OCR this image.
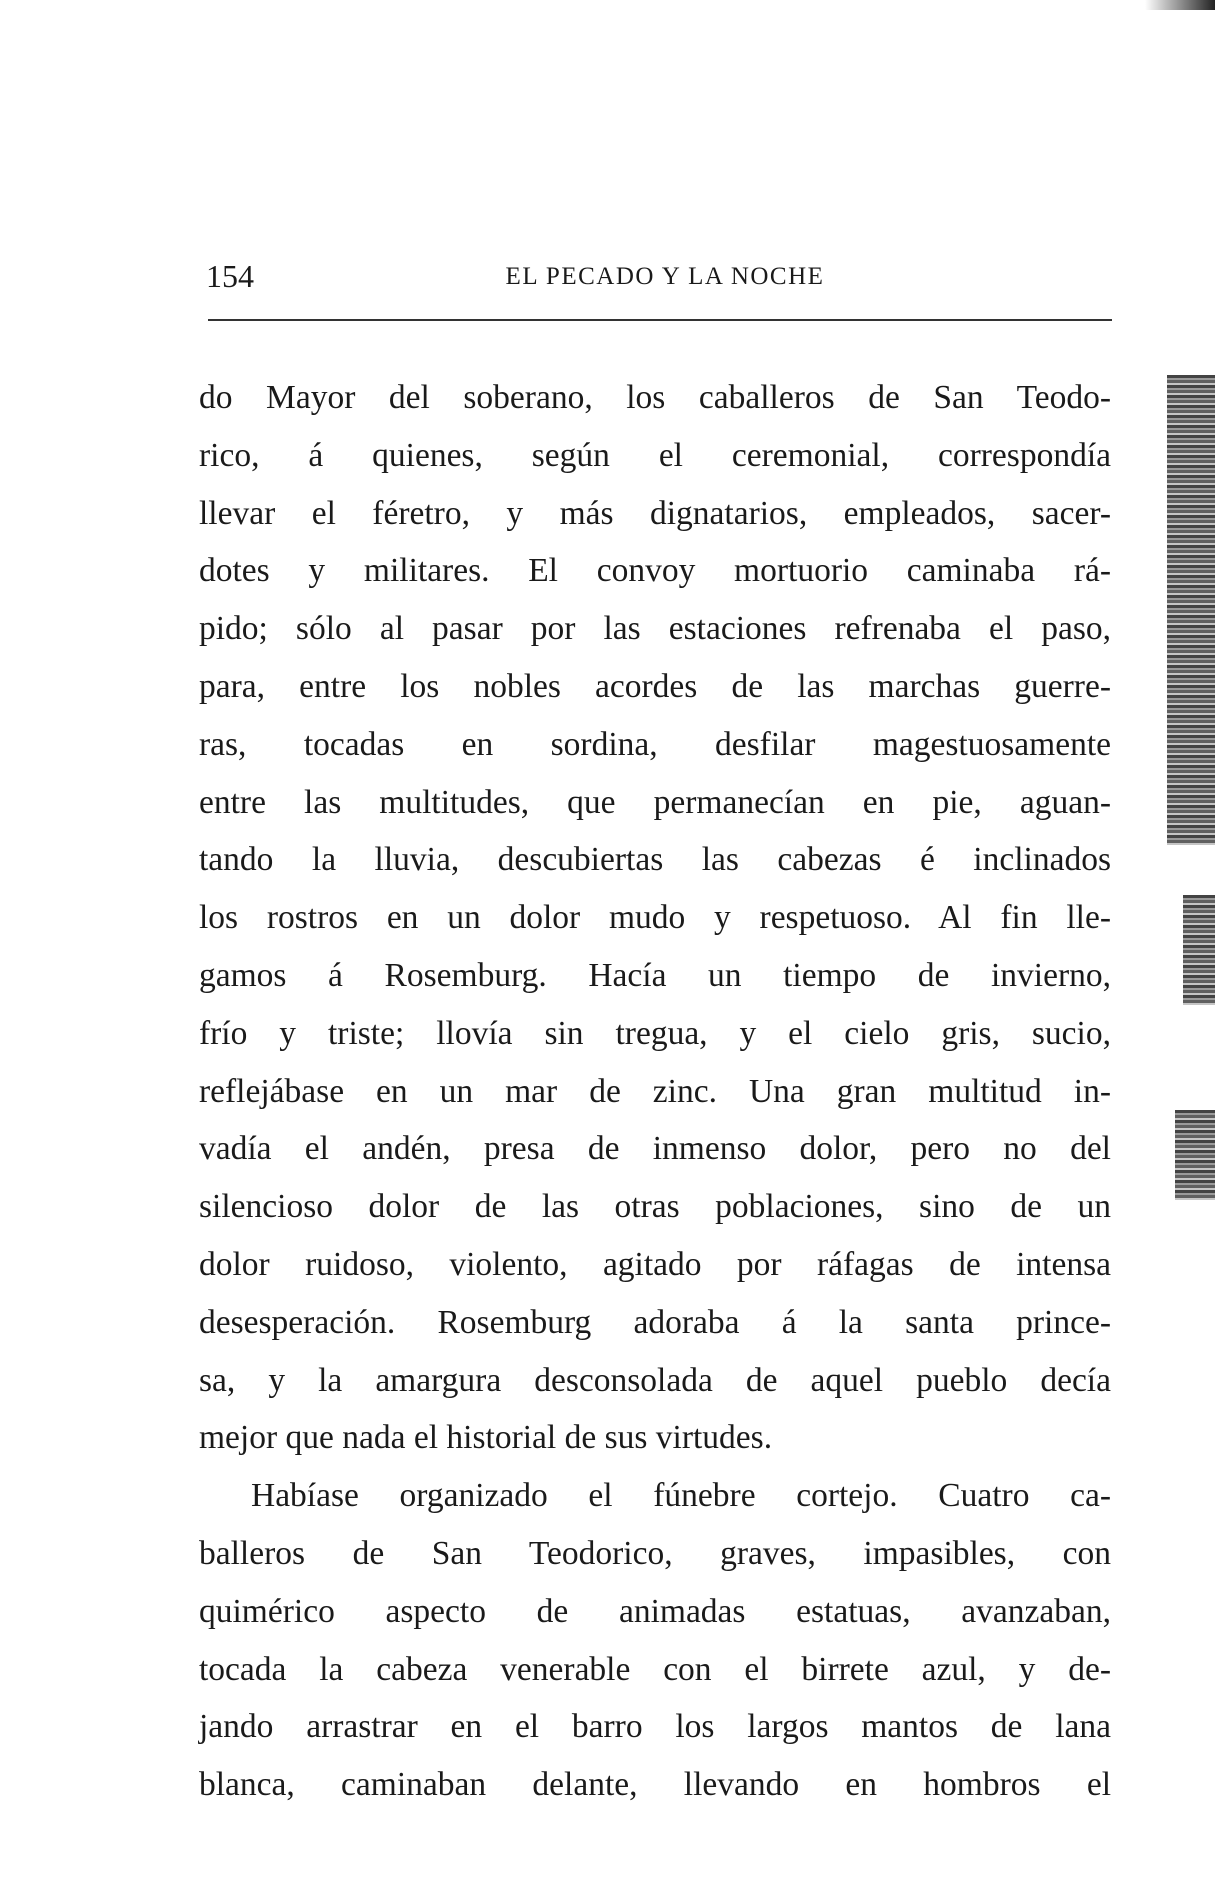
154	EL PECADO Y LA NOCHE
do Mayor del soberano, los caballeros de San Teodo-
rico, á quienes, según el ceremonial, correspondía
llevar el féretro, y más dignatarios, empleados, sacer-
dotes y militares. El convoy mortuorio caminaba rá-
pido; sólo al pasar por las estaciones refrenaba el paso,
para, entre los nobles acordes de las marchas guerre-
ras, tocadas en sordina, desfilar magestuosamente
entre las multitudes, que permanecían en pie, aguan-
tando la lluvia, descubiertas las cabezas é inclinados
los rostros en un dolor mudo y respetuoso. Al fin lle-
gamos á Rosemburg. Hacía un tiempo de invierno,
frío y triste; llovía sin tregua, y el cielo gris, sucio,
reflejábase en un mar de zinc. Una gran multitud in-
vadía el andén, presa de inmenso dolor, pero no del
silencioso dolor de las otras poblaciones, sino de un
dolor ruidoso, violento, agitado por ráfagas de intensa
desesperación. Rosemburg adoraba á la santa prince-
sa, y la amargura desconsolada de aquel pueblo decía
mejor que nada el historial de sus virtudes.
Habíase organizado el fúnebre cortejo. Cuatro ca-
balleros de San Teodorico, graves, impasibles, con
quimérico aspecto de animadas estatuas, avanzaban,
tocada la cabeza venerable con el birrete azul, y de-
jando arrastrar en el barro los largos mantos de lana
blanca, caminaban delante, llevando en hombros el
